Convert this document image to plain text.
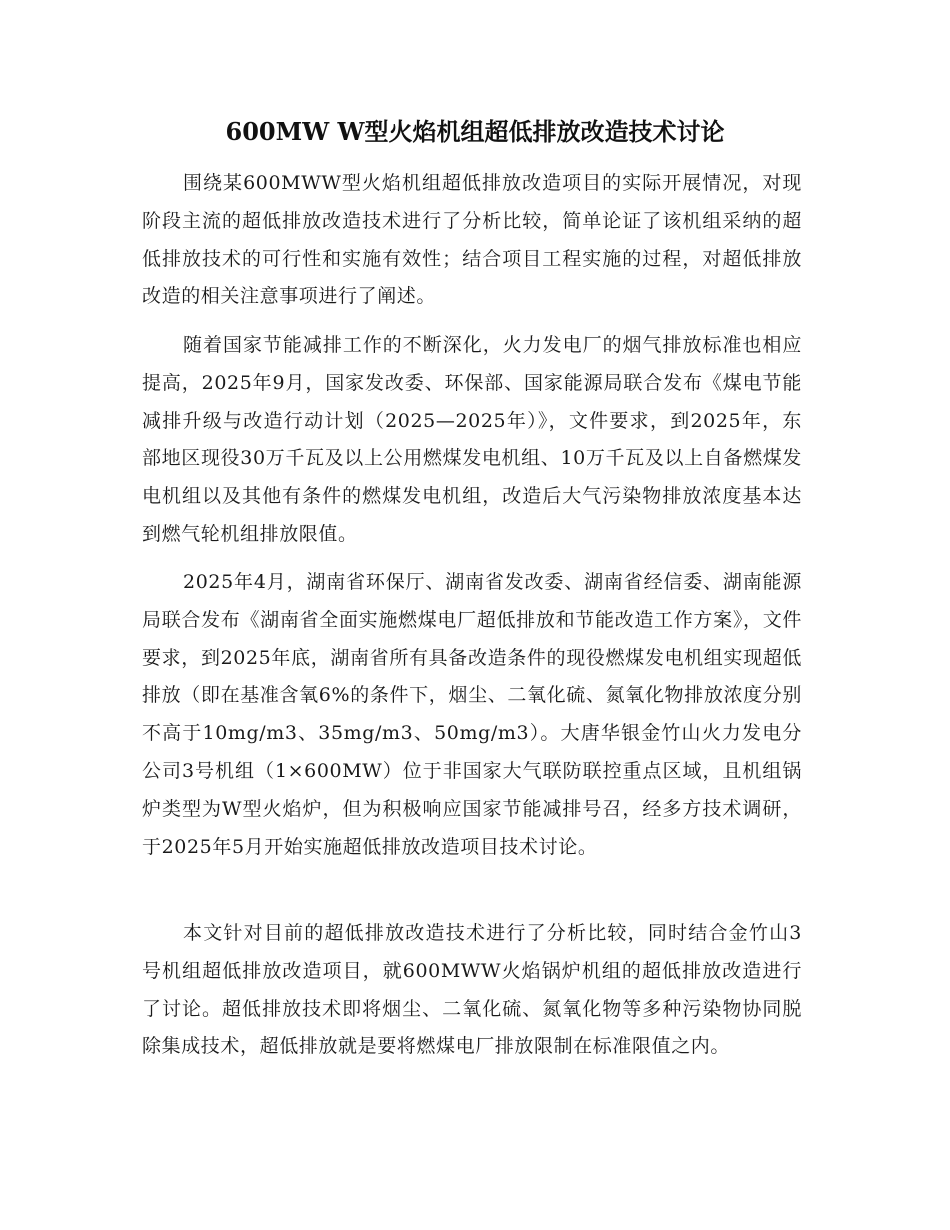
600MW W型火焰机组超低排放改造技术讨论

围绕某600MWW型火焰机组超低排放改造项目的实际开展情况，对现阶段主流的超低排放改造技术进行了分析比较，简单论证了该机组采纳的超低排放技术的可行性和实施有效性；结合项目工程实施的过程，对超低排放改造的相关注意事项进行了阐述。

随着国家节能减排工作的不断深化，火力发电厂的烟气排放标准也相应提高，2025年9月，国家发改委、环保部、国家能源局联合发布《煤电节能减排升级与改造行动计划（2025—2025年）》，文件要求，到2025年，东部地区现役30万千瓦及以上公用燃煤发电机组、10万千瓦及以上自备燃煤发电机组以及其他有条件的燃煤发电机组，改造后大气污染物排放浓度基本达到燃气轮机组排放限值。

2025年4月，湖南省环保厅、湖南省发改委、湖南省经信委、湖南能源局联合发布《湖南省全面实施燃煤电厂超低排放和节能改造工作方案》，文件要求，到2025年底，湖南省所有具备改造条件的现役燃煤发电机组实现超低排放（即在基准含氧6%的条件下，烟尘、二氧化硫、氮氧化物排放浓度分别不高于10mg/m3、35mg/m3、50mg/m3）。大唐华银金竹山火力发电分公司3号机组（1×600MW）位于非国家大气联防联控重点区域，且机组锅炉类型为W型火焰炉，但为积极响应国家节能减排号召，经多方技术调研，于2025年5月开始实施超低排放改造项目技术讨论。

本文针对目前的超低排放改造技术进行了分析比较，同时结合金竹山3号机组超低排放改造项目，就600MWW火焰锅炉机组的超低排放改造进行了讨论。超低排放技术即将烟尘、二氧化硫、氮氧化物等多种污染物协同脱除集成技术，超低排放就是要将燃煤电厂排放限制在标准限值之内。
